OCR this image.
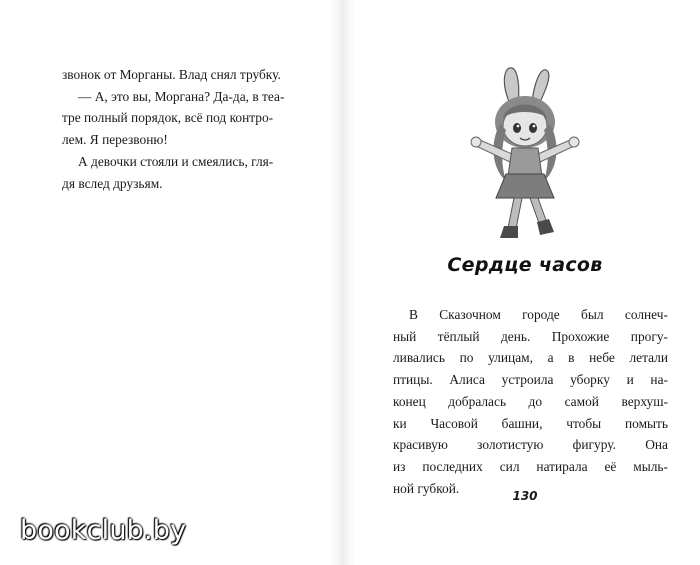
звонок от Морганы. Влад снял трубку.
— А, это вы, Моргана? Да-да, в теа-
тре полный порядок, всё под контро-
лем. Я перезвоню!
А девочки стояли и смеялись, гля-
дя вслед друзьям.
Сердце часов
В Сказочном городе был солнеч-
ный тёплый день. Прохожие прогу-
ливались по улицам, а в небе летали
птицы. Алиса устроила уборку и на-
конец добралась до самой верхуш-
ки Часовой башни, чтобы помыть
красивую золотистую фигуру. Она
из последних сил натирала её мыль-
ной губкой.
130
bookclub.by
